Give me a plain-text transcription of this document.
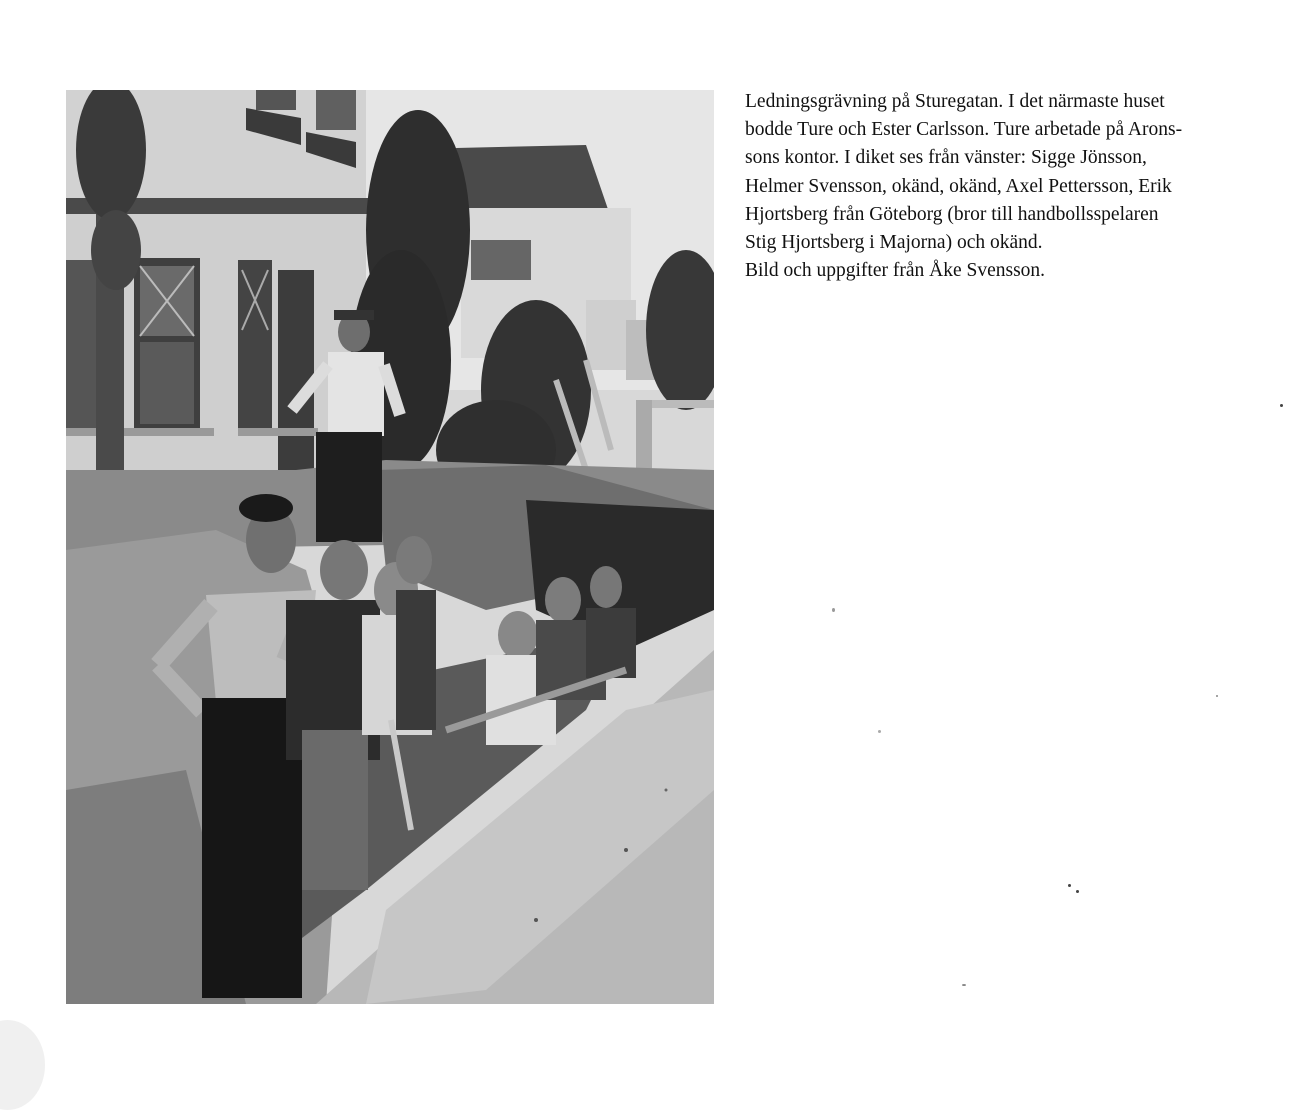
Ledningsgrävning på Sturegatan. I det närmaste huset

bodde Ture och Ester Carlsson. Ture arbetade på Arons-

sons kontor. I diket ses från vänster: Sigge Jönsson,

Helmer Svensson, okänd, okänd, Axel Pettersson, Erik

Hjortsberg från Göteborg (bror till handbollsspelaren

Stig Hjortsberg i Majorna) och okänd.

Bild och uppgifter från Åke Svensson.
